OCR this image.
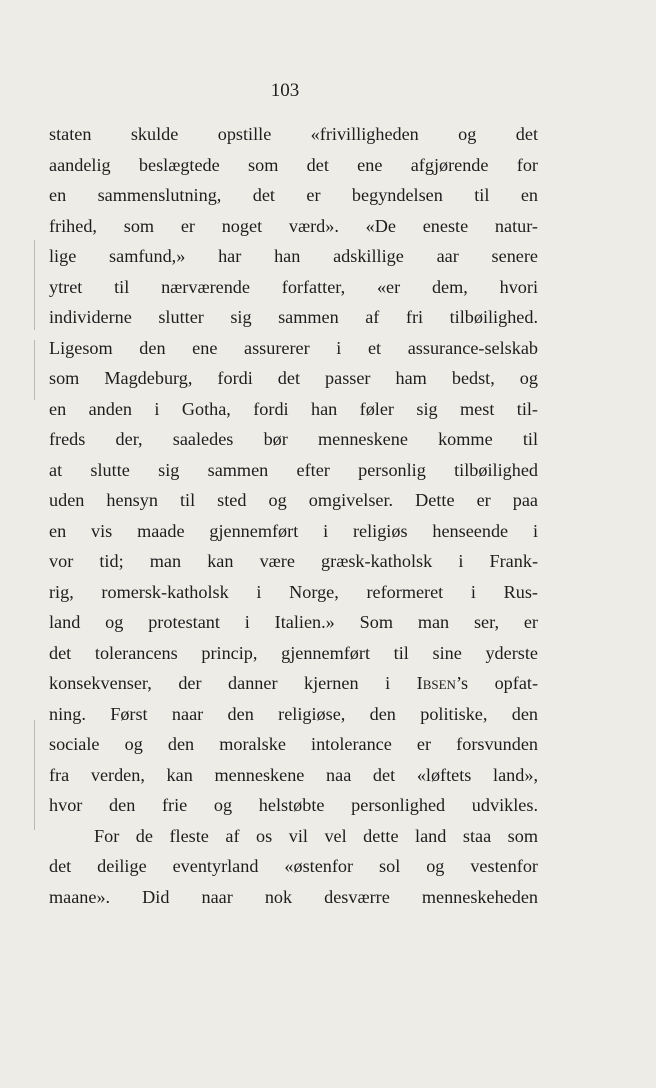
103
staten skulde opstille «frivilligheden og det
aandelig beslægtede som det ene afgjørende for
en sammenslutning, det er begyndelsen til en
frihed, som er noget værd». «De eneste natur-
lige samfund,» har han adskillige aar senere
ytret til nærværende forfatter, «er dem, hvori
individerne slutter sig sammen af fri tilbøilighed.
Ligesom den ene assurerer i et assurance-selskab
som Magdeburg, fordi det passer ham bedst, og
en anden i Gotha, fordi han føler sig mest til-
freds der, saaledes bør menneskene komme til
at slutte sig sammen efter personlig tilbøilighed
uden hensyn til sted og omgivelser. Dette er paa
en vis maade gjennemført i religiøs henseende i
vor tid; man kan være græsk-katholsk i Frank-
rig, romersk-katholsk i Norge, reformeret i Rus-
land og protestant i Italien.» Som man ser, er
det tolerancens princip, gjennemført til sine yderste
konsekvenser, der danner kjernen i Ibsen’s opfat-
ning. Først naar den religiøse, den politiske, den
sociale og den moralske intolerance er forsvunden
fra verden, kan menneskene naa det «løftets land»,
hvor den frie og helstøbte personlighed udvikles.
For de fleste af os vil vel dette land staa som
det deilige eventyrland «østenfor sol og vestenfor
maane». Did naar nok desværre menneskeheden
